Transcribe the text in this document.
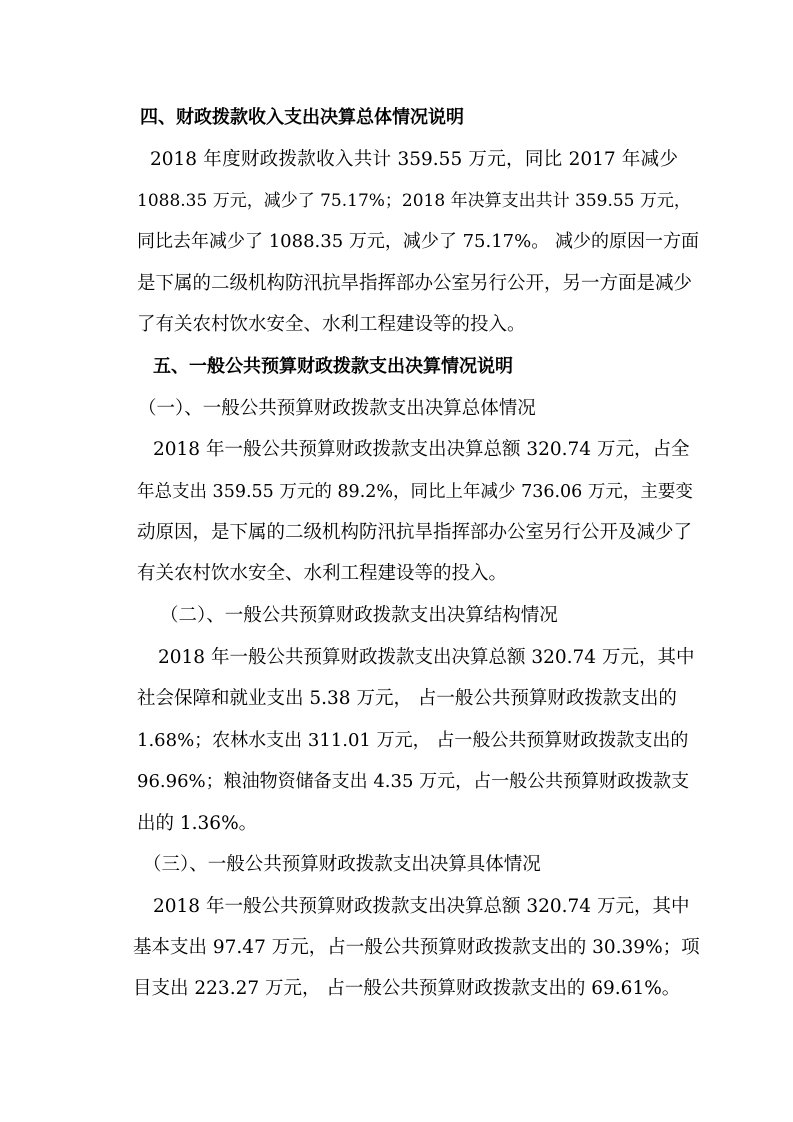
四、财政拨款收入支出决算总体情况说明
2018 年度财政拨款收入共计 359.55 万元，同比 2017 年减少
1088.35 万元，减少了 75.17%；2018 年决算支出共计 359.55 万元，
同比去年减少了 1088.35 万元，减少了 75.17%。 减少的原因一方面
是下属的二级机构防汛抗旱指挥部办公室另行公开，另一方面是减少
了有关农村饮水安全、水利工程建设等的投入。
五、一般公共预算财政拨款支出决算情况说明
（一）、一般公共预算财政拨款支出决算总体情况
2018 年一般公共预算财政拨款支出决算总额 320.74 万元，占全
年总支出 359.55 万元的 89.2%，同比上年减少 736.06 万元，主要变
动原因，是下属的二级机构防汛抗旱指挥部办公室另行公开及减少了
有关农村饮水安全、水利工程建设等的投入。
（二）、一般公共预算财政拨款支出决算结构情况
2018 年一般公共预算财政拨款支出决算总额 320.74 万元，其中
社会保障和就业支出 5.38 万元， 占一般公共预算财政拨款支出的
1.68%；农林水支出 311.01 万元， 占一般公共预算财政拨款支出的
96.96%；粮油物资储备支出 4.35 万元，占一般公共预算财政拨款支
出的 1.36%。
（三）、一般公共预算财政拨款支出决算具体情况
2018 年一般公共预算财政拨款支出决算总额 320.74 万元，其中
基本支出 97.47 万元，占一般公共预算财政拨款支出的 30.39%；项
目支出 223.27 万元， 占一般公共预算财政拨款支出的 69.61%。
